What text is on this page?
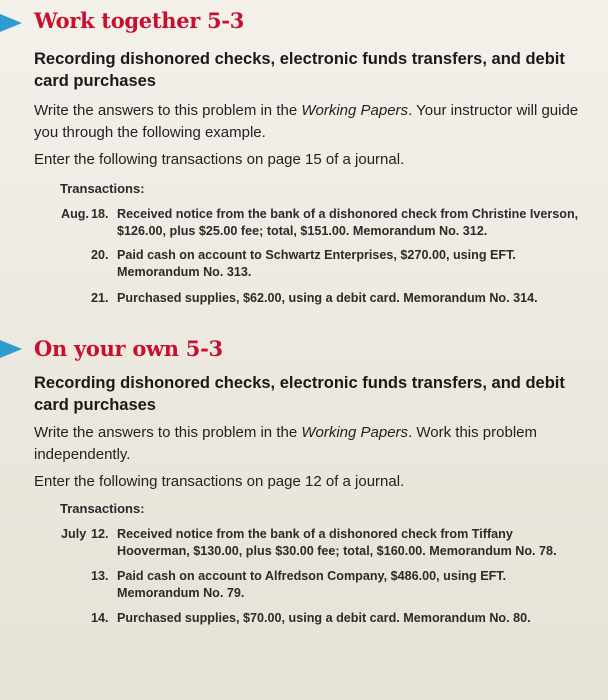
Work together 5-3
Recording dishonored checks, electronic funds transfers, and debit card purchases
Write the answers to this problem in the Working Papers. Your instructor will guide you through the following example.
Enter the following transactions on page 15 of a journal.
Transactions:
Aug. 18. Received notice from the bank of a dishonored check from Christine Iverson, $126.00, plus $25.00 fee; total, $151.00. Memorandum No. 312.
20. Paid cash on account to Schwartz Enterprises, $270.00, using EFT. Memorandum No. 313.
21. Purchased supplies, $62.00, using a debit card. Memorandum No. 314.
On your own 5-3
Recording dishonored checks, electronic funds transfers, and debit card purchases
Write the answers to this problem in the Working Papers. Work this problem independently.
Enter the following transactions on page 12 of a journal.
Transactions:
July 12. Received notice from the bank of a dishonored check from Tiffany Hooverman, $130.00, plus $30.00 fee; total, $160.00. Memorandum No. 78.
13. Paid cash on account to Alfredson Company, $486.00, using EFT. Memorandum No. 79.
14. Purchased supplies, $70.00, using a debit card. Memorandum No. 80.
